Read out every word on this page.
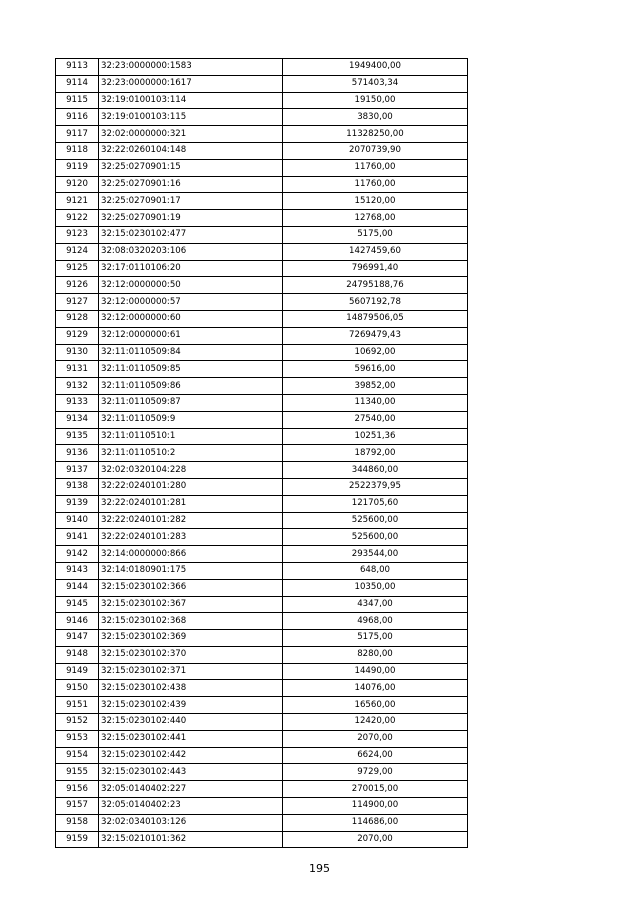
9113	32:23:0000000:1583	1949400,00
9114	32:23:0000000:1617	571403,34
9115	32:19:0100103:114	19150,00
9116	32:19:0100103:115	3830,00
9117	32:02:0000000:321	11328250,00
9118	32:22:0260104:148	2070739,90
9119	32:25:0270901:15	11760,00
9120	32:25:0270901:16	11760,00
9121	32:25:0270901:17	15120,00
9122	32:25:0270901:19	12768,00
9123	32:15:0230102:477	5175,00
9124	32:08:0320203:106	1427459,60
9125	32:17:0110106:20	796991,40
9126	32:12:0000000:50	24795188,76
9127	32:12:0000000:57	5607192,78
9128	32:12:0000000:60	14879506,05
9129	32:12:0000000:61	7269479,43
9130	32:11:0110509:84	10692,00
9131	32:11:0110509:85	59616,00
9132	32:11:0110509:86	39852,00
9133	32:11:0110509:87	11340,00
9134	32:11:0110509:9	27540,00
9135	32:11:0110510:1	10251,36
9136	32:11:0110510:2	18792,00
9137	32:02:0320104:228	344860,00
9138	32:22:0240101:280	2522379,95
9139	32:22:0240101:281	121705,60
9140	32:22:0240101:282	525600,00
9141	32:22:0240101:283	525600,00
9142	32:14:0000000:866	293544,00
9143	32:14:0180901:175	648,00
9144	32:15:0230102:366	10350,00
9145	32:15:0230102:367	4347,00
9146	32:15:0230102:368	4968,00
9147	32:15:0230102:369	5175,00
9148	32:15:0230102:370	8280,00
9149	32:15:0230102:371	14490,00
9150	32:15:0230102:438	14076,00
9151	32:15:0230102:439	16560,00
9152	32:15:0230102:440	12420,00
9153	32:15:0230102:441	2070,00
9154	32:15:0230102:442	6624,00
9155	32:15:0230102:443	9729,00
9156	32:05:0140402:227	270015,00
9157	32:05:0140402:23	114900,00
9158	32:02:0340103:126	114686,00
9159	32:15:0210101:362	2070,00
195
